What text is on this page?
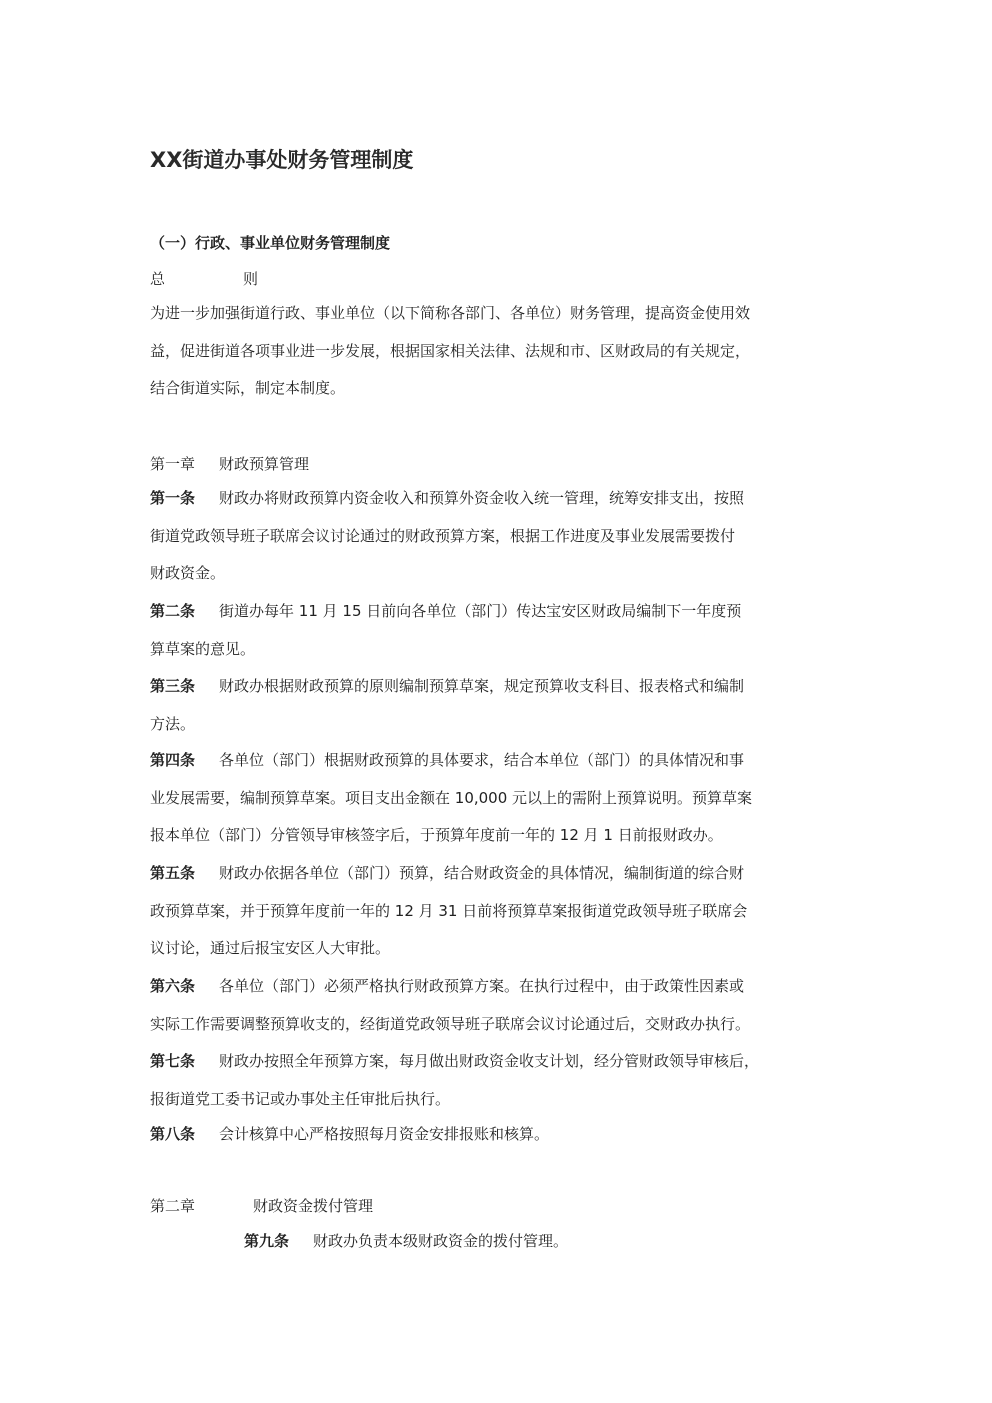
XX街道办事处财务管理制度
（一）行政、事业单位财务管理制度
总	则
为进一步加强街道行政、事业单位（以下简称各部门、各单位）财务管理，提高资金使用效
益，促进街道各项事业进一步发展，根据国家相关法律、法规和市、区财政局的有关规定，
结合街道实际，制定本制度。
第一章 财政预算管理
第一条 财政办将财政预算内资金收入和预算外资金收入统一管理，统筹安排支出，按照
街道党政领导班子联席会议讨论通过的财政预算方案，根据工作进度及事业发展需要拨付
财政资金。
第二条 街道办每年 11 月 15 日前向各单位（部门）传达宝安区财政局编制下一年度预
算草案的意见。
第三条 财政办根据财政预算的原则编制预算草案，规定预算收支科目、报表格式和编制
方法。
第四条 各单位（部门）根据财政预算的具体要求，结合本单位（部门）的具体情况和事
业发展需要，编制预算草案。项目支出金额在 10,000 元以上的需附上预算说明。预算草案
报本单位（部门）分管领导审核签字后，于预算年度前一年的 12 月 1 日前报财政办。
第五条 财政办依据各单位（部门）预算，结合财政资金的具体情况，编制街道的综合财
政预算草案，并于预算年度前一年的 12 月 31 日前将预算草案报街道党政领导班子联席会
议讨论，通过后报宝安区人大审批。
第六条 各单位（部门）必须严格执行财政预算方案。在执行过程中，由于政策性因素或
实际工作需要调整预算收支的，经街道党政领导班子联席会议讨论通过后，交财政办执行。
第七条 财政办按照全年预算方案，每月做出财政资金收支计划，经分管财政领导审核后，
报街道党工委书记或办事处主任审批后执行。
第八条 会计核算中心严格按照每月资金安排报账和核算。
第二章	财政资金拨付管理
第九条 财政办负责本级财政资金的拨付管理。
